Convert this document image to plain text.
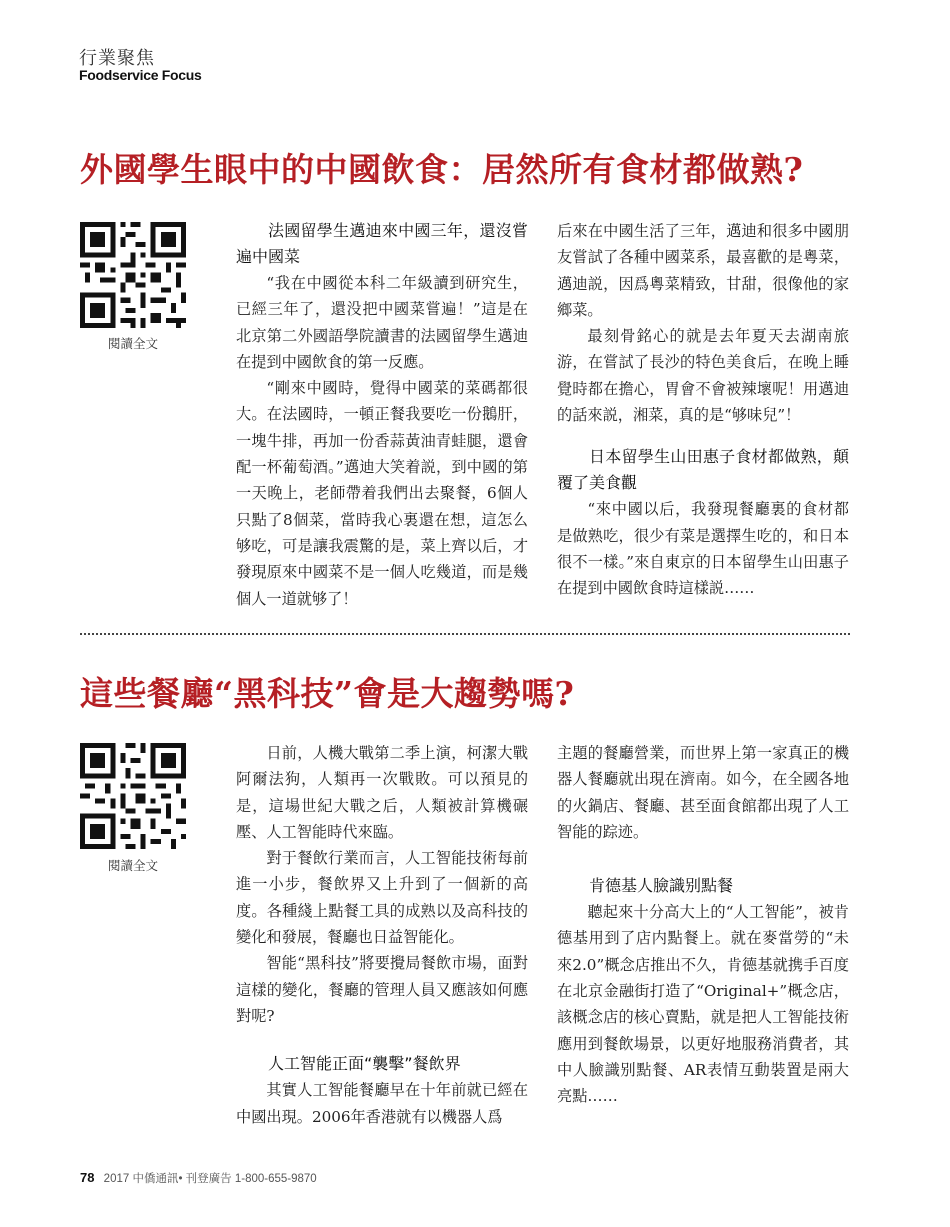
行業聚焦
Foodservice Focus
外國學生眼中的中國飲食：居然所有食材都做熟?
閱讀全文

法國留學生邁迪來中國三年，還沒嘗遍中國菜

“我在中國從本科二年級讀到研究生，已經三年了，還没把中國菜嘗遍！”這是在北京第二外國語學院讀書的法國留學生邁迪在提到中國飲食的第一反應。

“剛來中國時，覺得中國菜的菜碼都很大。在法國時，一頓正餐我要吃一份鵝肝，一塊牛排，再加一份香蒜黃油青蛙腿，還會配一杯葡萄酒。”邁迪大笑着説，到中國的第一天晚上，老師帶着我們出去聚餐，6個人只點了8個菜，當時我心裏還在想，這怎么够吃，可是讓我震驚的是，菜上齊以后，才發現原來中國菜不是一個人吃幾道，而是幾個人一道就够了！

后來在中國生活了三年，邁迪和很多中國朋友嘗試了各種中國菜系，最喜歡的是粵菜，邁迪説，因爲粵菜精致，甘甜，很像他的家鄉菜。

最刻骨銘心的就是去年夏天去湖南旅游，在嘗試了長沙的特色美食后，在晚上睡覺時都在擔心，胃會不會被辣壞呢！用邁迪的話來説，湘菜，真的是“够味兒”！

日本留學生山田惠子食材都做熟，顛覆了美食觀

“來中國以后，我發現餐廳裏的食材都是做熟吃，很少有菜是選擇生吃的，和日本很不一樣。”來自東京的日本留學生山田惠子在提到中國飲食時這樣説……

這些餐廳“黑科技”會是大趨勢嗎?
閱讀全文

日前，人機大戰第二季上演，柯潔大戰阿爾法狗，人類再一次戰敗。可以預見的是，這場世紀大戰之后，人類被計算機碾壓、人工智能時代來臨。

對于餐飲行業而言，人工智能技術每前進一小步，餐飲界又上升到了一個新的高度。各種綫上點餐工具的成熟以及高科技的變化和發展，餐廳也日益智能化。

智能“黑科技”將要攪局餐飲市場，面對這樣的變化，餐廳的管理人員又應該如何應對呢?

人工智能正面“襲擊”餐飲界

其實人工智能餐廳早在十年前就已經在中國出現。2006年香港就有以機器人爲

主題的餐廳營業，而世界上第一家真正的機器人餐廳就出現在濟南。如今，在全國各地的火鍋店、餐廳、甚至面食館都出現了人工智能的踪迹。

肯德基人臉識别點餐

聽起來十分高大上的“人工智能”，被肯德基用到了店内點餐上。就在麥當勞的“未來2.0”概念店推出不久，肯德基就携手百度在北京金融街打造了“Original+”概念店，該概念店的核心賣點，就是把人工智能技術應用到餐飲場景，以更好地服務消費者，其中人臉識别點餐、AR表情互動裝置是兩大亮點……

78 2017 中僑通訊• 刊登廣告 1-800-655-9870
